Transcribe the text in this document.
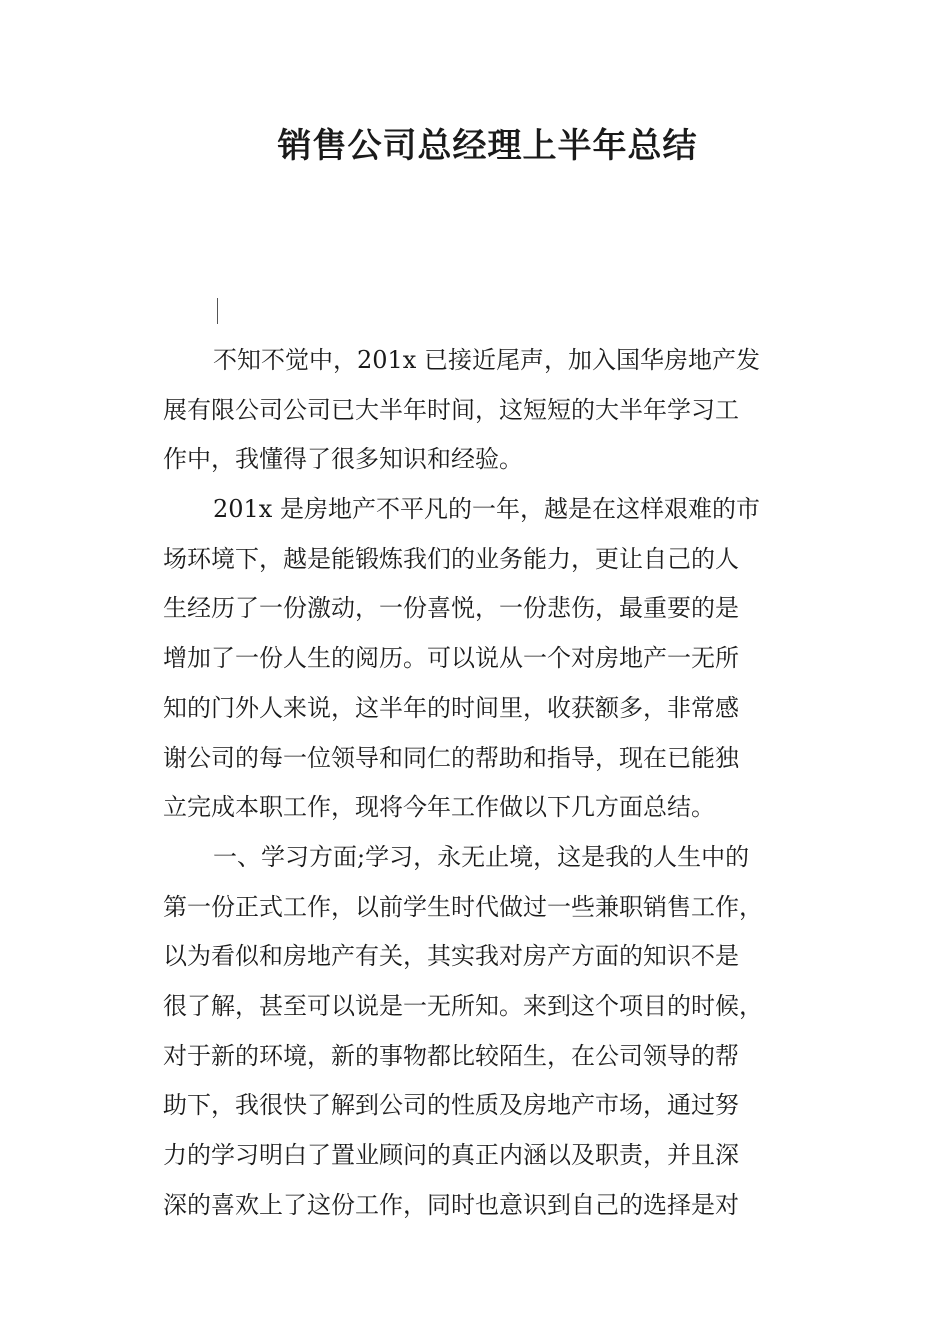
销售公司总经理上半年总结
不知不觉中，201x 已接近尾声，加入国华房地产发
展有限公司公司已大半年时间，这短短的大半年学习工
作中，我懂得了很多知识和经验。
201x 是房地产不平凡的一年，越是在这样艰难的市
场环境下，越是能锻炼我们的业务能力，更让自己的人
生经历了一份激动，一份喜悦，一份悲伤，最重要的是
增加了一份人生的阅历。可以说从一个对房地产一无所
知的门外人来说，这半年的时间里，收获额多，非常感
谢公司的每一位领导和同仁的帮助和指导，现在已能独
立完成本职工作，现将今年工作做以下几方面总结。
一、学习方面;学习，永无止境，这是我的人生中的
第一份正式工作，以前学生时代做过一些兼职销售工作，
以为看似和房地产有关，其实我对房产方面的知识不是
很了解，甚至可以说是一无所知。来到这个项目的时候，
对于新的环境，新的事物都比较陌生，在公司领导的帮
助下，我很快了解到公司的性质及房地产市场，通过努
力的学习明白了置业顾问的真正内涵以及职责，并且深
深的喜欢上了这份工作，同时也意识到自己的选择是对
